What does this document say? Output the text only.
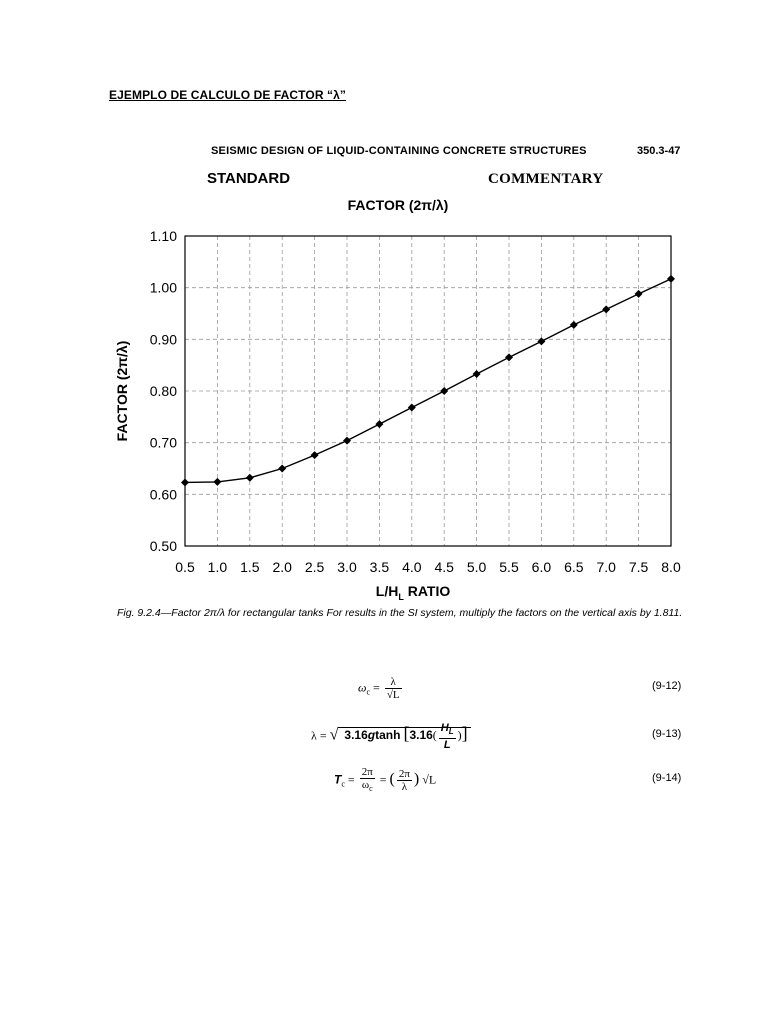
EJEMPLO DE CALCULO DE FACTOR “λ”
SEISMIC DESIGN OF LIQUID-CONTAINING CONCRETE STRUCTURES	350.3-47
STANDARD	COMMENTARY
FACTOR (2π/λ)
0.50
0.60
0.70
0.80
0.90
1.00
1.10
0.5 1.0 1.5 2.0 2.5 3.0 3.5 4.0 4.5 5.0 5.5 6.0 6.5 7.0 7.5 8.0
FACTOR (2π/λ)
$L/H_L$ RATIO
Fig. 9.2.4—Factor 2π/λ for rectangular tanks For results in the SI system, multiply the factors on the vertical axis by 1.811.
$\omega_c = \frac{\lambda}{√L}$	(9-12)
λ = √ 3.16gtanh [$3.16( \frac{H_L}{L}$ )]	(9-13)
$T_c = \frac{2\pi}{\omega_c}$ = ( $\frac{2\pi}{\lambda}$ ) √L	(9-14)
